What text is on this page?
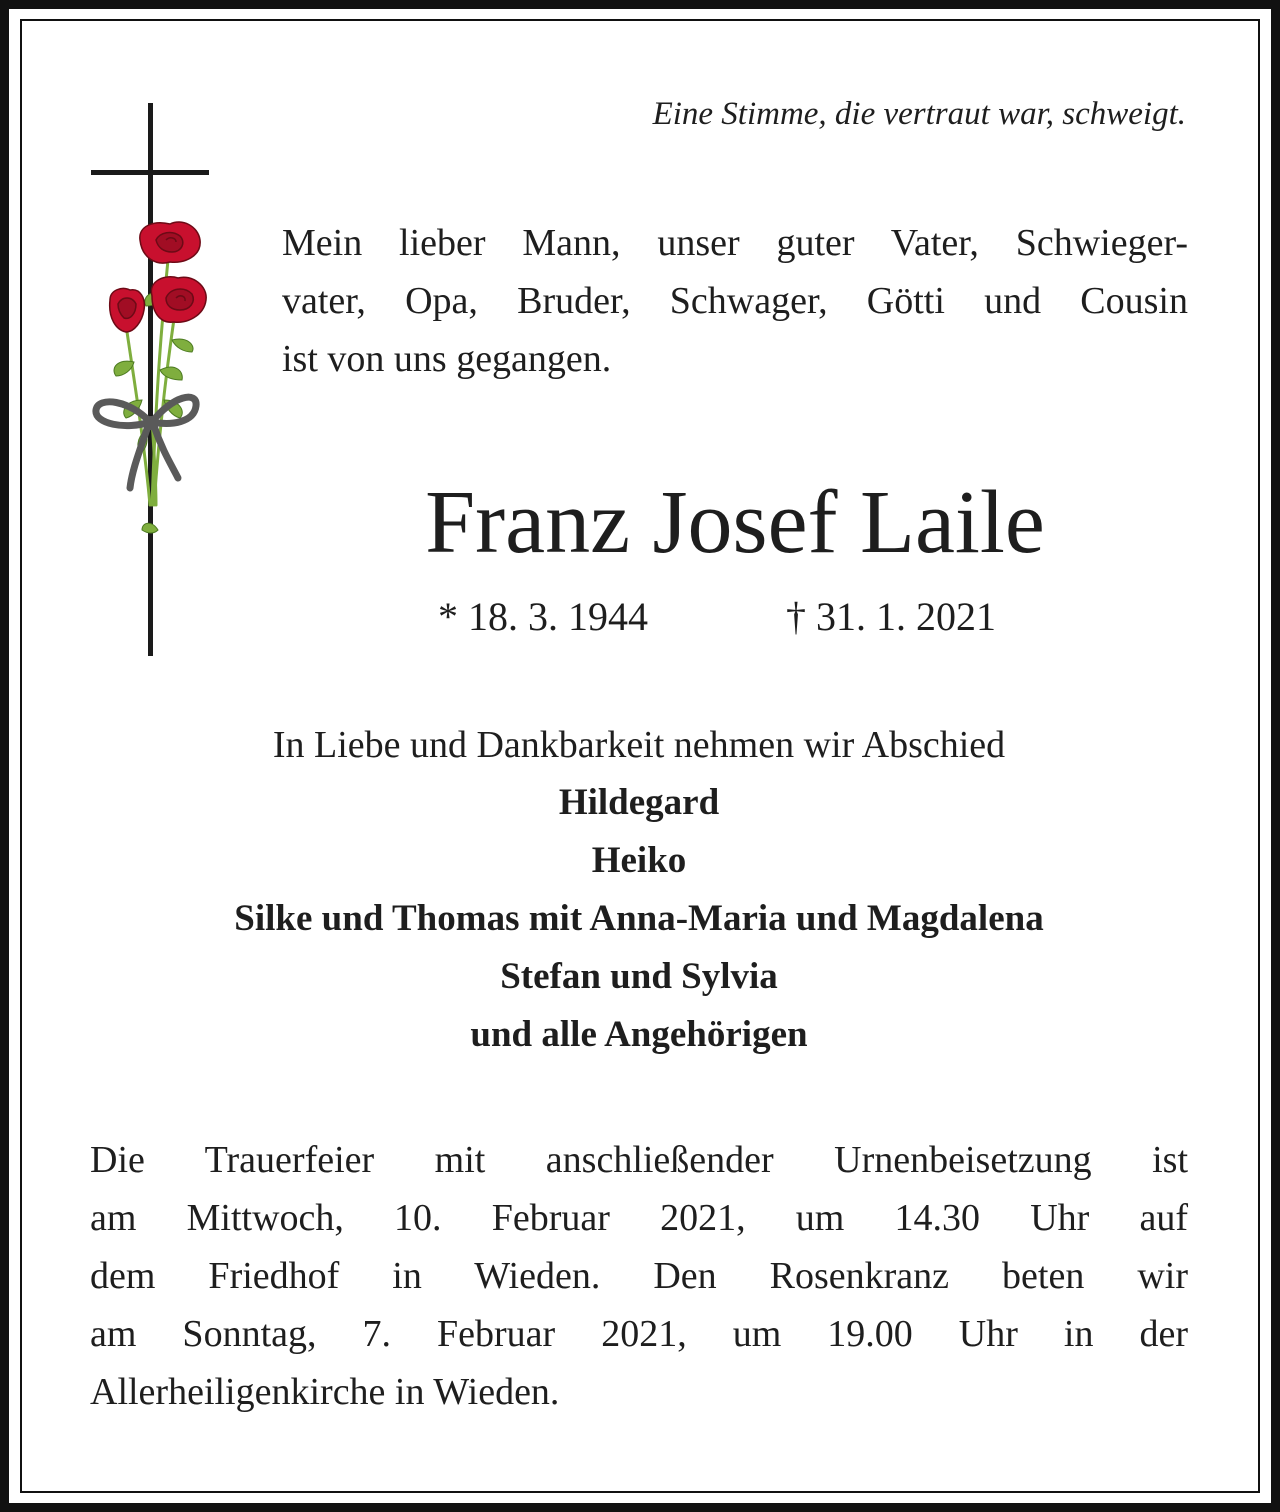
Eine Stimme, die vertraut war, schweigt.

Mein lieber Mann, unser guter Vater, Schwieger-
vater, Opa, Bruder, Schwager, Götti und Cousin
ist von uns gegangen.

Franz Josef Laile
* 18. 3. 1944	† 31. 1. 2021
In Liebe und Dankbarkeit nehmen wir Abschied
Hildegard
Heiko
Silke und Thomas mit Anna-Maria und Magdalena
Stefan und Sylvia
und alle Angehörigen

Die Trauerfeier mit anschließender Urnenbeisetzung ist
am Mittwoch, 10. Februar 2021, um 14.30 Uhr auf
dem Friedhof in Wieden. Den Rosenkranz beten wir
am Sonntag, 7. Februar 2021, um 19.00 Uhr in der
Allerheiligenkirche in Wieden.
